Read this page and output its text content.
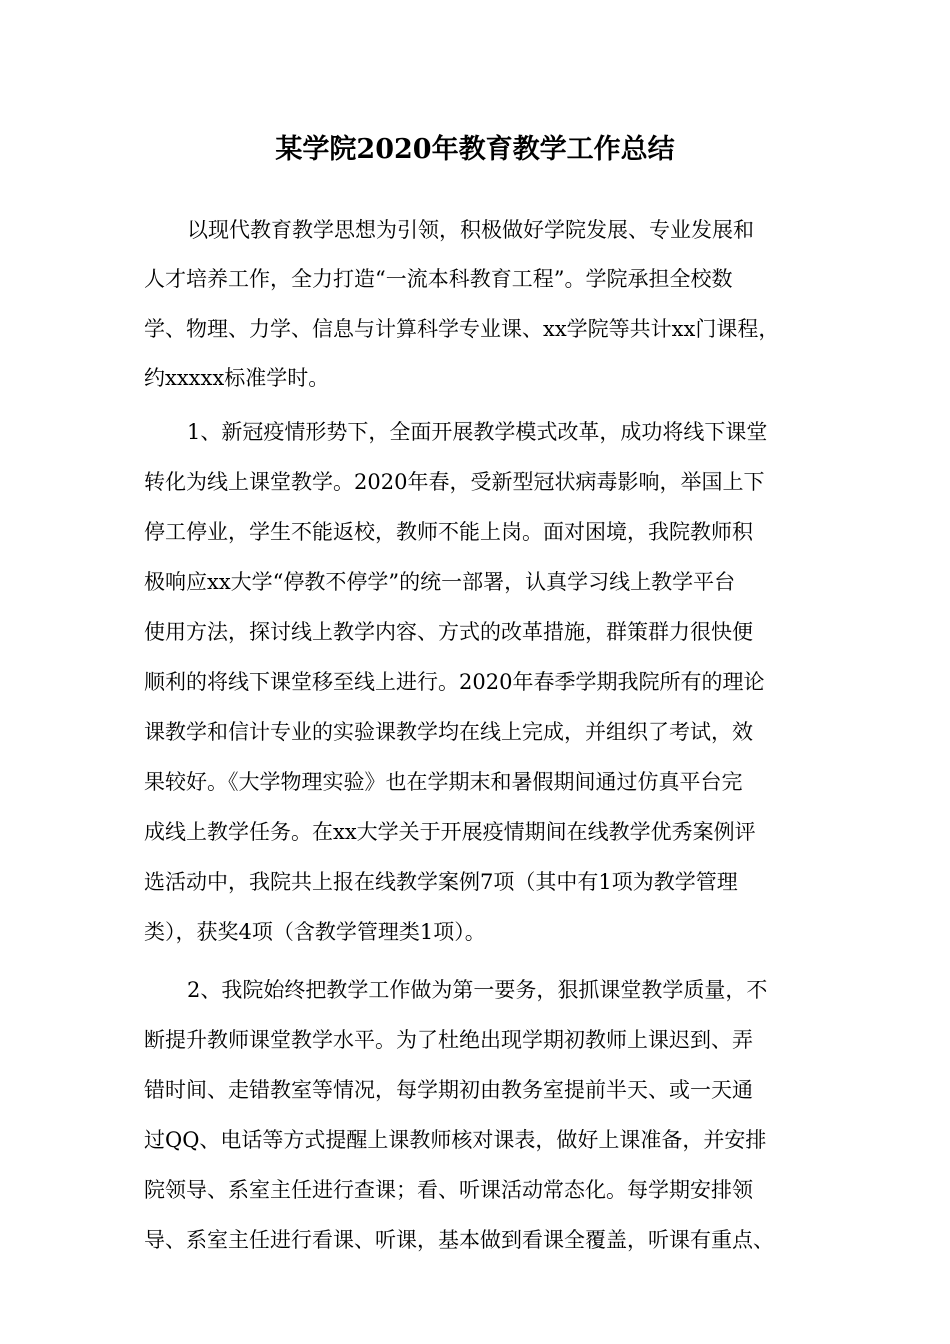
某学院2020年教育教学工作总结

以现代教育教学思想为引领，积极做好学院发展、专业发展和

人才培养工作，全力打造“一流本科教育工程”。学院承担全校数

学、物理、力学、信息与计算科学专业课、xx学院等共计xx门课程，

约xxxxx标准学时。

1、新冠疫情形势下，全面开展教学模式改革，成功将线下课堂

转化为线上课堂教学。2020年春，受新型冠状病毒影响，举国上下

停工停业，学生不能返校，教师不能上岗。面对困境，我院教师积

极响应xx大学“停教不停学”的统一部署，认真学习线上教学平台

使用方法，探讨线上教学内容、方式的改革措施，群策群力很快便

顺利的将线下课堂移至线上进行。2020年春季学期我院所有的理论

课教学和信计专业的实验课教学均在线上完成，并组织了考试，效

果较好。《大学物理实验》也在学期末和暑假期间通过仿真平台完

成线上教学任务。在xx大学关于开展疫情期间在线教学优秀案例评

选活动中，我院共上报在线教学案例7项（其中有1项为教学管理

类），获奖4项（含教学管理类1项）。

2、我院始终把教学工作做为第一要务，狠抓课堂教学质量，不

断提升教师课堂教学水平。为了杜绝出现学期初教师上课迟到、弄

错时间、走错教室等情况，每学期初由教务室提前半天、或一天通

过QQ、电话等方式提醒上课教师核对课表，做好上课准备，并安排

院领导、系室主任进行查课；看、听课活动常态化。每学期安排领

导、系室主任进行看课、听课，基本做到看课全覆盖，听课有重点、
